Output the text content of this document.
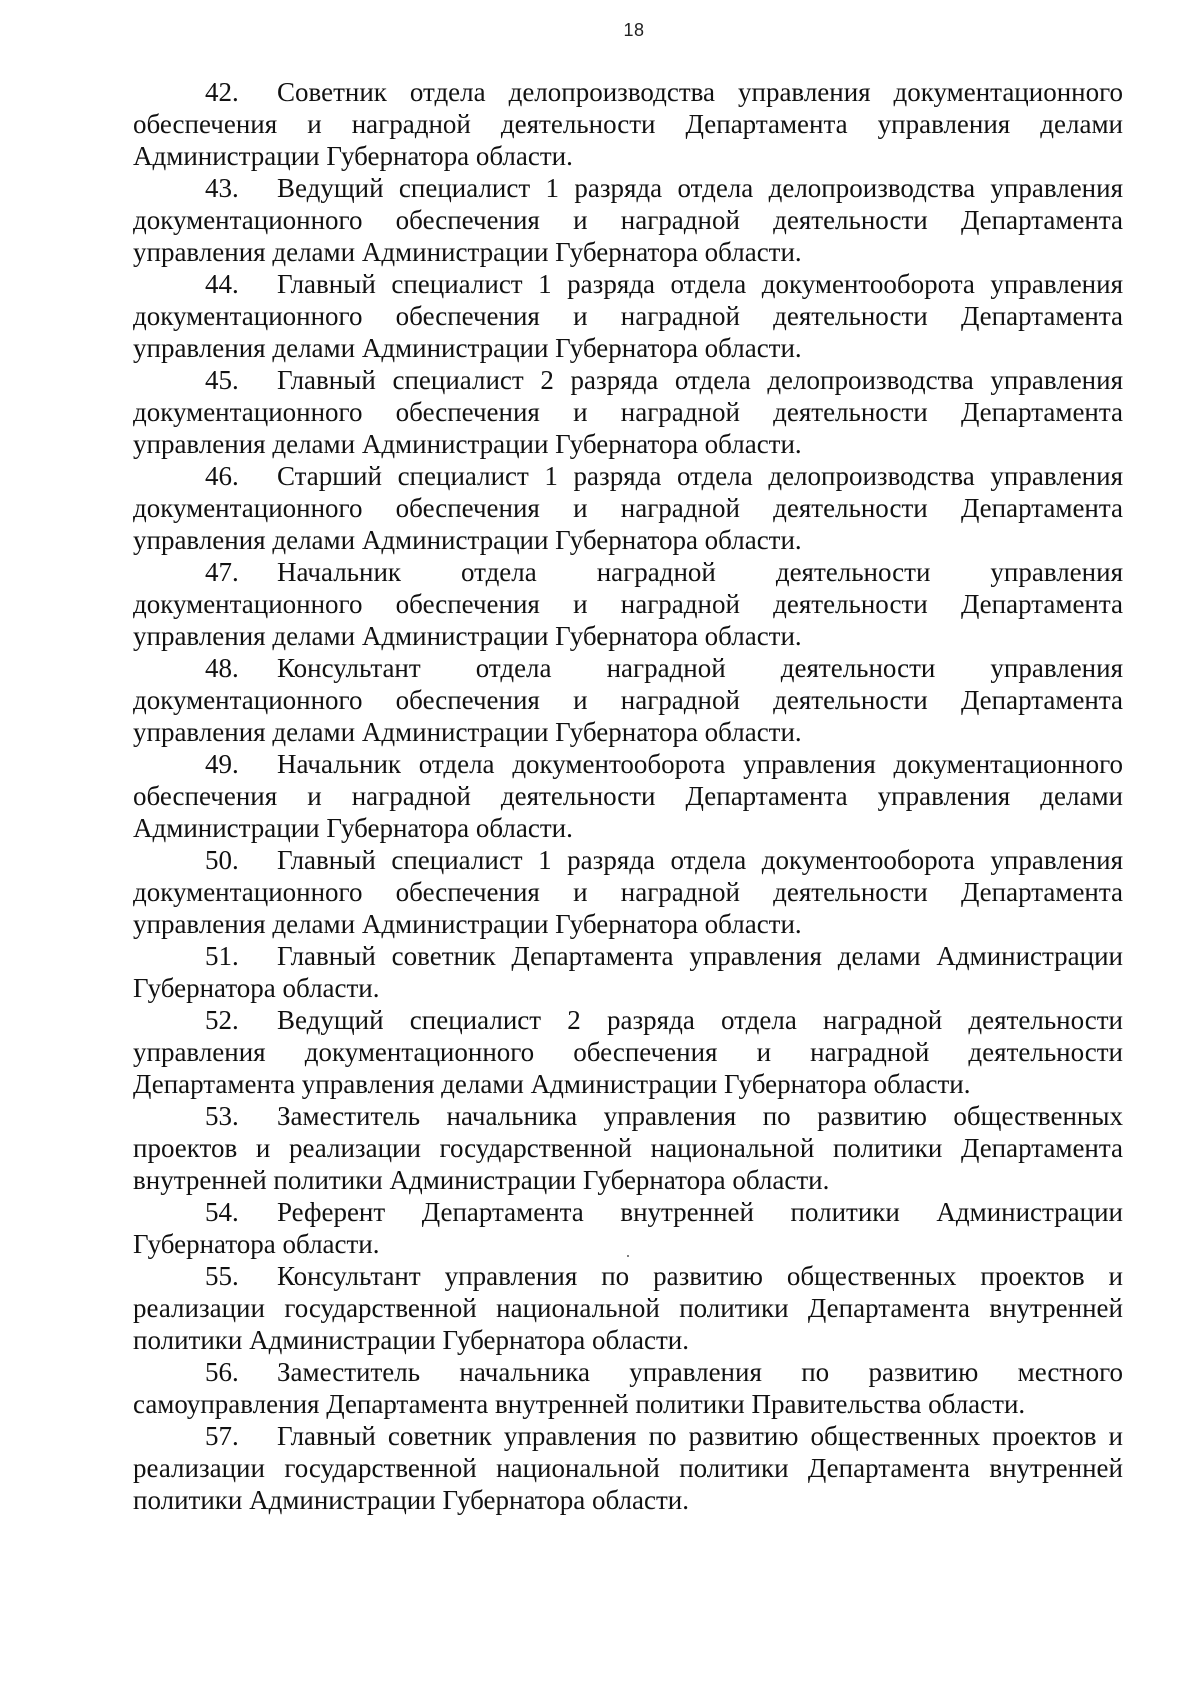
18

42. Советник отдела делопроизводства управления документационного обеспечения и наградной деятельности Департамента управления делами Администрации Губернатора области.

43. Ведущий специалист 1 разряда отдела делопроизводства управления документационного обеспечения и наградной деятельности Департамента управления делами Администрации Губернатора области.

44. Главный специалист 1 разряда отдела документооборота управления документационного обеспечения и наградной деятельности Департамента управления делами Администрации Губернатора области.

45. Главный специалист 2 разряда отдела делопроизводства управления документационного обеспечения и наградной деятельности Департамента управления делами Администрации Губернатора области.

46. Старший специалист 1 разряда отдела делопроизводства управления документационного обеспечения и наградной деятельности Департамента управления делами Администрации Губернатора области.

47. Начальник отдела наградной деятельности управления документационного обеспечения и наградной деятельности Департамента управления делами Администрации Губернатора области.

48. Консультант отдела наградной деятельности управления документационного обеспечения и наградной деятельности Департамента управления делами Администрации Губернатора области.

49. Начальник отдела документооборота управления документационного обеспечения и наградной деятельности Департамента управления делами Администрации Губернатора области.

50. Главный специалист 1 разряда отдела документооборота управления документационного обеспечения и наградной деятельности Департамента управления делами Администрации Губернатора области.

51. Главный советник Департамента управления делами Администрации Губернатора области.

52. Ведущий специалист 2 разряда отдела наградной деятельности управления документационного обеспечения и наградной деятельности Департамента управления делами Администрации Губернатора области.

53. Заместитель начальника управления по развитию общественных проектов и реализации государственной национальной политики Департамента внутренней политики Администрации Губернатора области.

54. Референт Департамента внутренней политики Администрации Губернатора области.

55. Консультант управления по развитию общественных проектов и реализации государственной национальной политики Департамента внутренней политики Администрации Губернатора области.

56. Заместитель начальника управления по развитию местного самоуправления Департамента внутренней политики Правительства области.

57. Главный советник управления по развитию общественных проектов и реализации государственной национальной политики Департамента внутренней политики Администрации Губернатора области.
